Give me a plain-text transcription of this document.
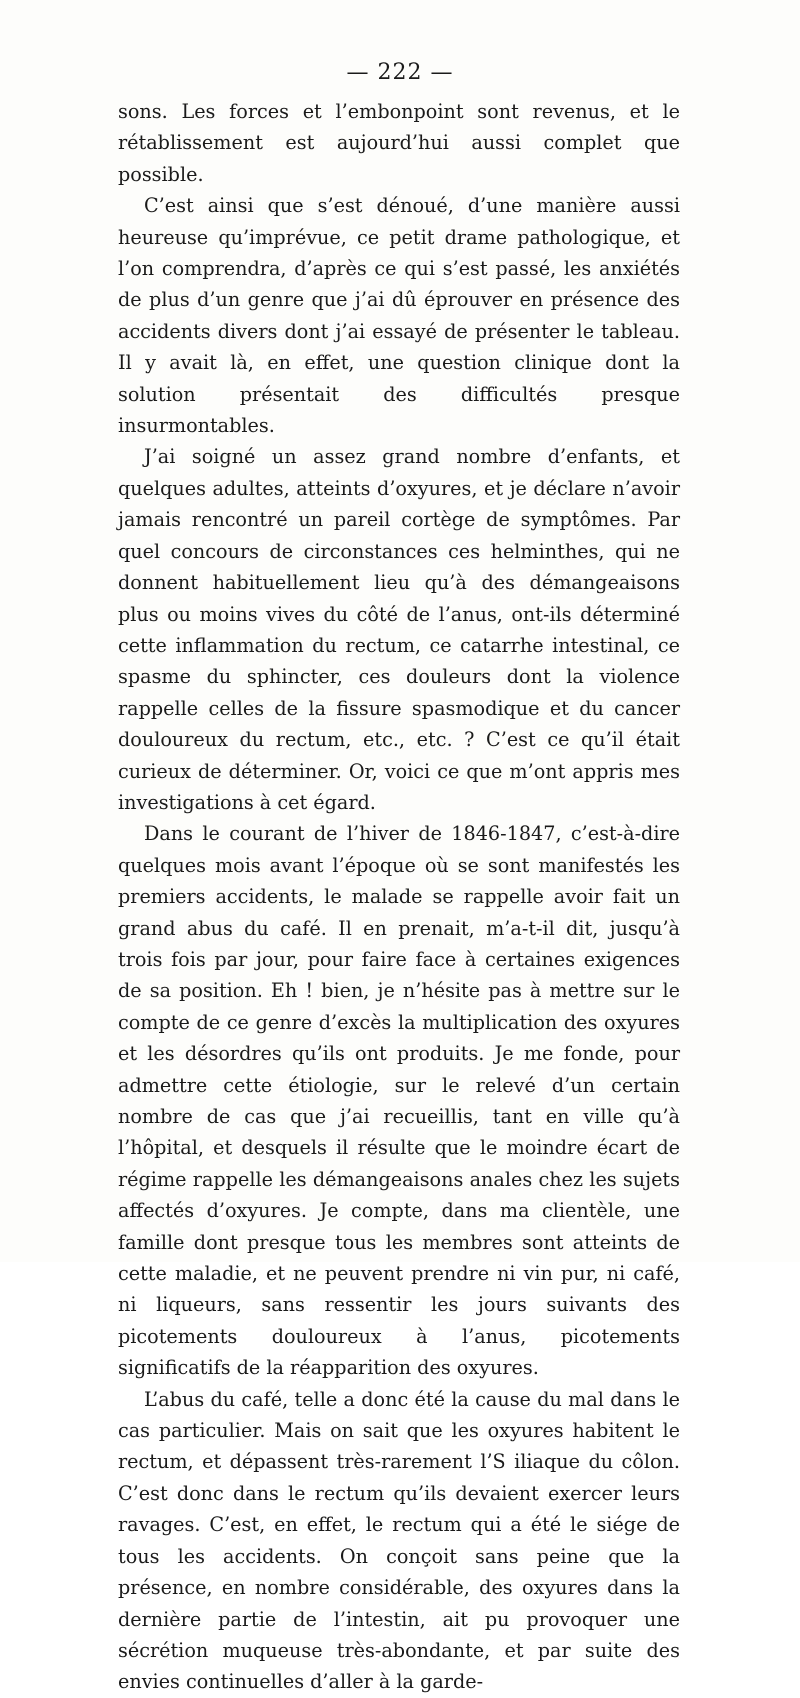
— 222 —

sons. Les forces et l’embonpoint sont revenus, et le rétablissement est aujourd’hui aussi complet que possible.

C’est ainsi que s’est dénoué, d’une manière aussi heureuse qu’imprévue, ce petit drame pathologique, et l’on comprendra, d’après ce qui s’est passé, les anxiétés de plus d’un genre que j’ai dû éprouver en présence des accidents divers dont j’ai essayé de présenter le tableau. Il y avait là, en effet, une question clinique dont la solution présentait des difficultés presque insurmontables.

J’ai soigné un assez grand nombre d’enfants, et quelques adultes, atteints d’oxyures, et je déclare n’avoir jamais rencontré un pareil cortège de symptômes. Par quel concours de circonstances ces helminthes, qui ne donnent habituellement lieu qu’à des démangeaisons plus ou moins vives du côté de l’anus, ont-ils déterminé cette inflammation du rectum, ce catarrhe intestinal, ce spasme du sphincter, ces douleurs dont la violence rappelle celles de la fissure spasmodique et du cancer douloureux du rectum, etc., etc. ? C’est ce qu’il était curieux de déterminer. Or, voici ce que m’ont appris mes investigations à cet égard.

Dans le courant de l’hiver de 1846-1847, c’est-à-dire quelques mois avant l’époque où se sont manifestés les premiers accidents, le malade se rappelle avoir fait un grand abus du café. Il en prenait, m’a-t-il dit, jusqu’à trois fois par jour, pour faire face à certaines exigences de sa position. Eh ! bien, je n’hésite pas à mettre sur le compte de ce genre d’excès la multiplication des oxyures et les désordres qu’ils ont produits. Je me fonde, pour admettre cette étiologie, sur le relevé d’un certain nombre de cas que j’ai recueillis, tant en ville qu’à l’hôpital, et desquels il résulte que le moindre écart de régime rappelle les démangeaisons anales chez les sujets affectés d’oxyures. Je compte, dans ma clientèle, une famille dont presque tous les membres sont atteints de cette maladie, et ne peuvent prendre ni vin pur, ni café, ni liqueurs, sans ressentir les jours suivants des picotements douloureux à l’anus, picotements significatifs de la réapparition des oxyures.

L’abus du café, telle a donc été la cause du mal dans le cas particulier. Mais on sait que les oxyures habitent le rectum, et dépassent très-rarement l’S iliaque du côlon. C’est donc dans le rectum qu’ils devaient exercer leurs ravages. C’est, en effet, le rectum qui a été le siége de tous les accidents. On conçoit sans peine que la présence, en nombre considérable, des oxyures dans la dernière partie de l’intestin, ait pu provoquer une sécrétion muqueuse très-abondante, et par suite des envies continuelles d’aller à la garde-
